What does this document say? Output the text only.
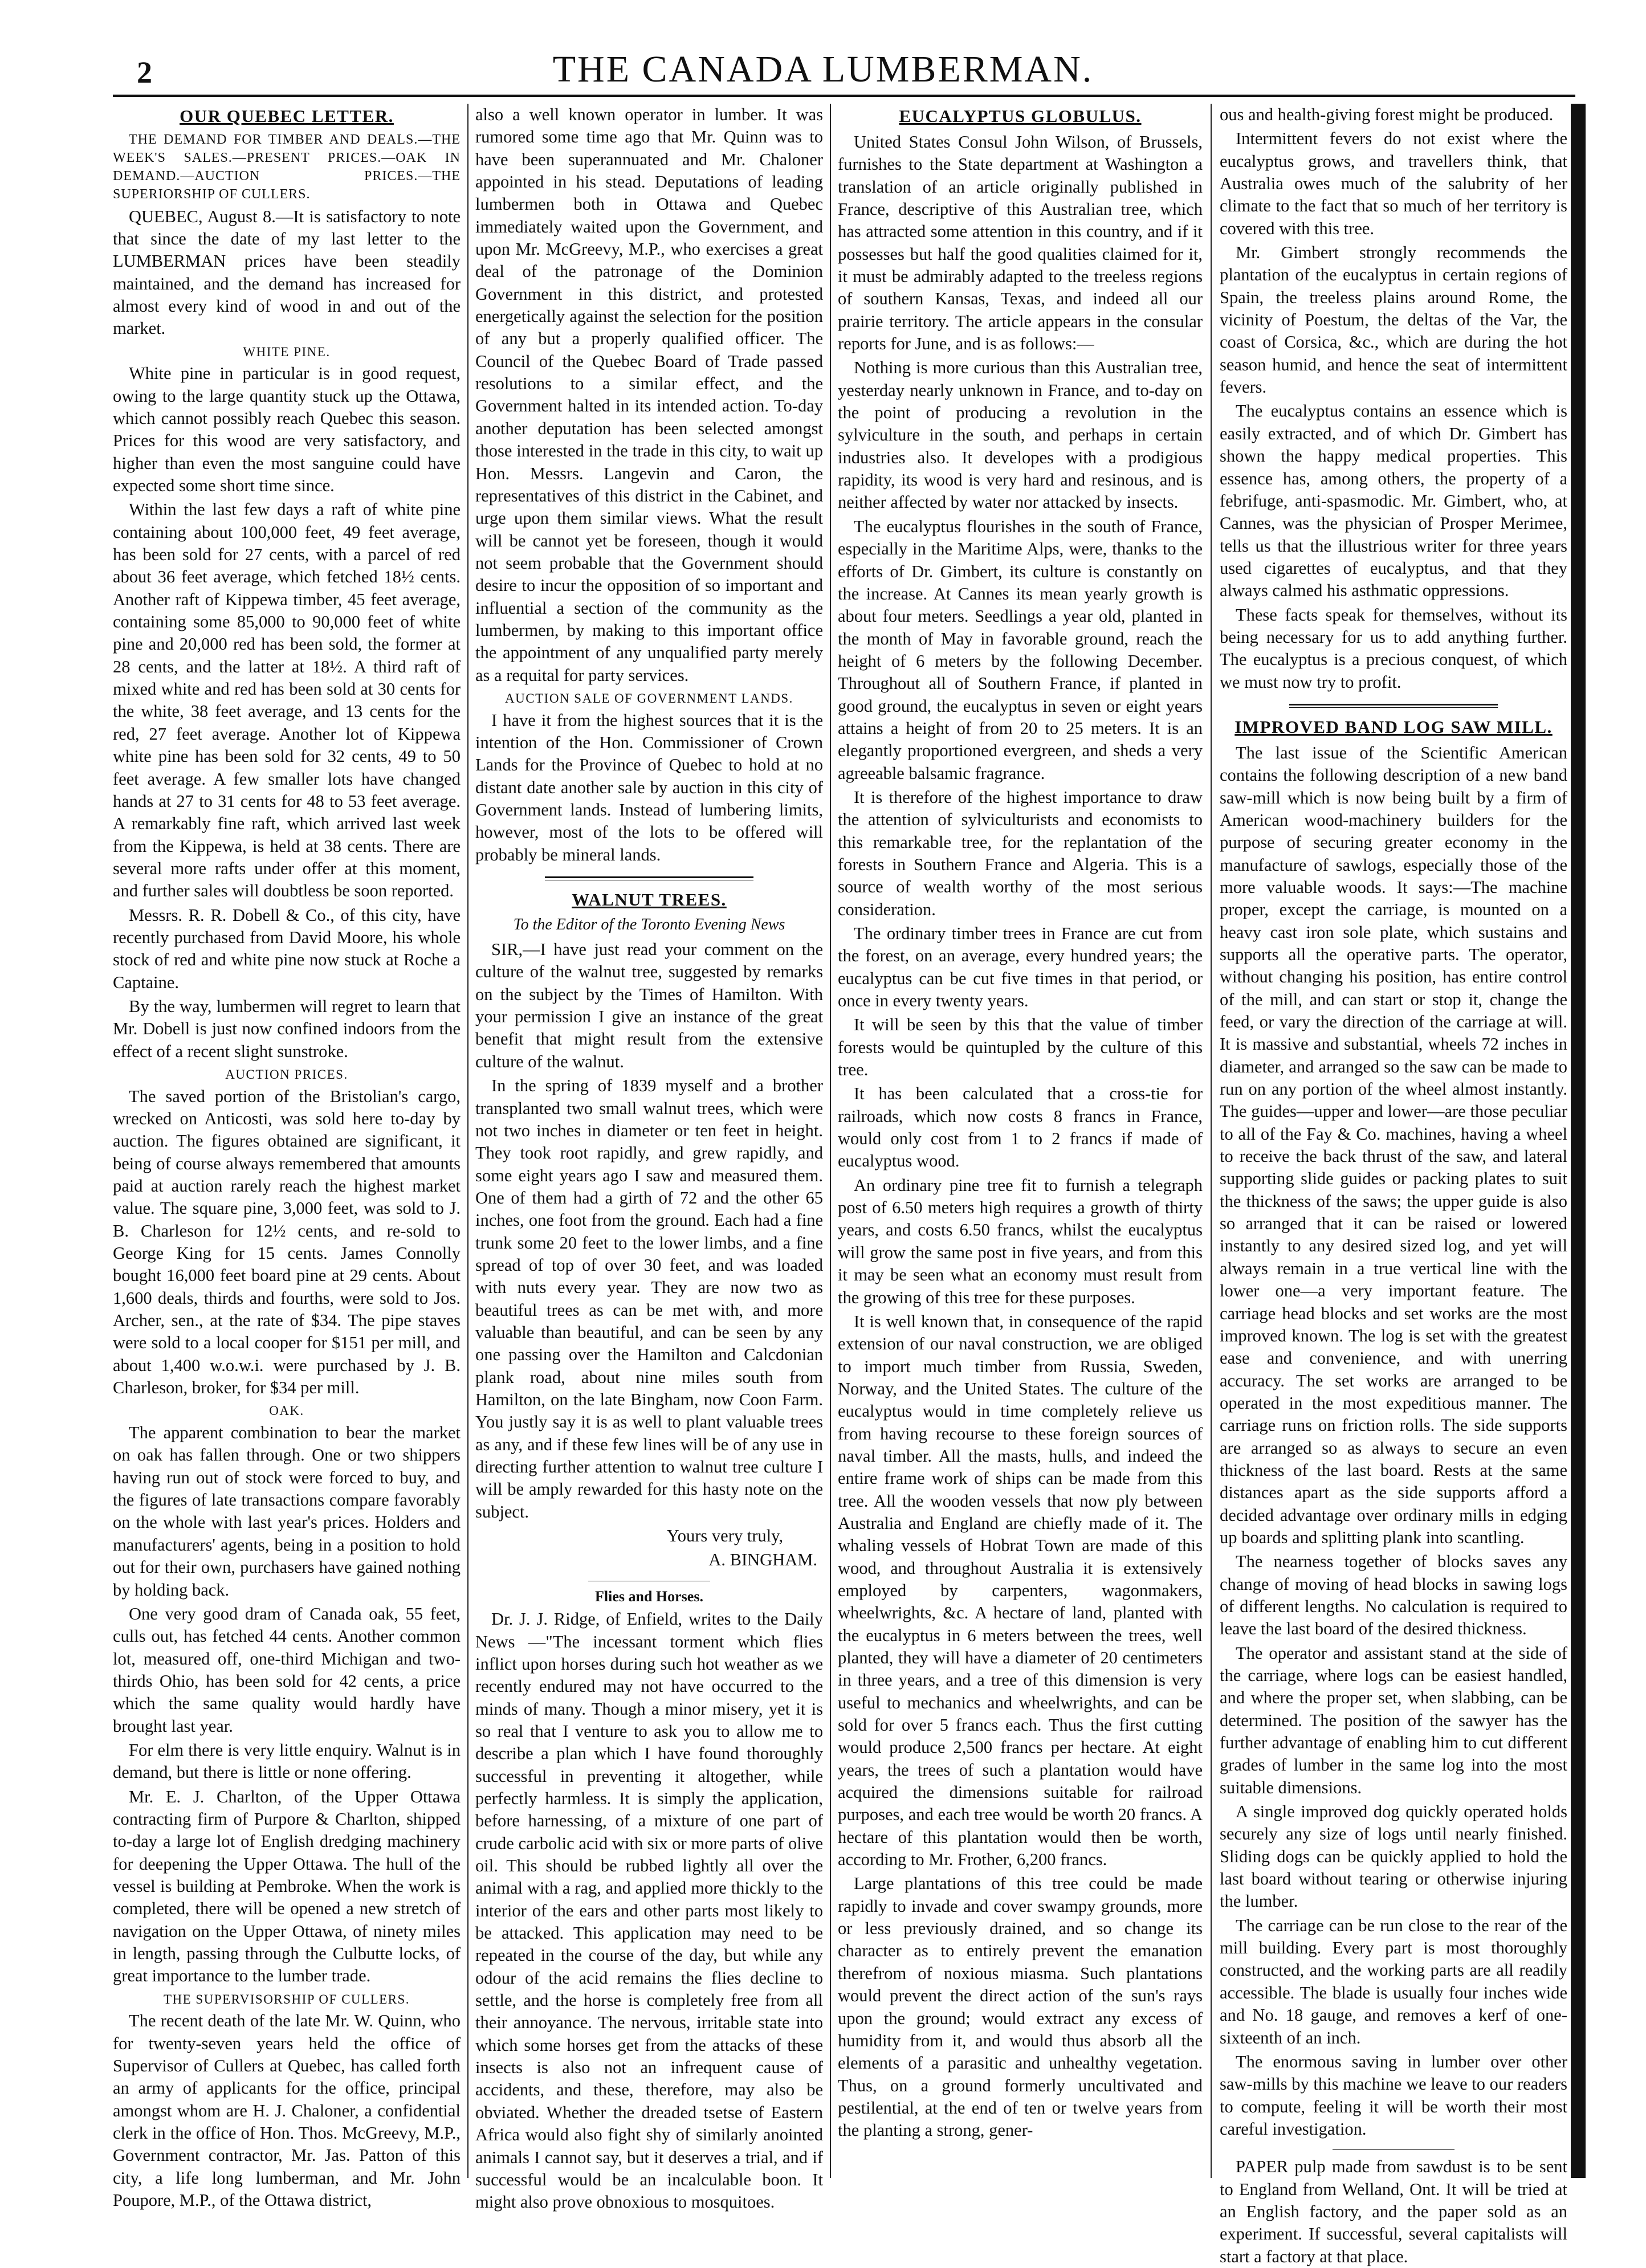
2	THE CANADA LUMBERMAN.
OUR QUEBEC LETTER.

THE DEMAND FOR TIMBER AND DEALS.—THE WEEK'S SALES.—PRESENT PRICES.—OAK IN DEMAND.—AUCTION PRICES.—THE SUPERIORSHIP OF CULLERS.

QUEBEC, August 8.—It is satisfactory to note that since the date of my last letter to the LUMBERMAN prices have been steadily maintained, and the demand has increased for almost every kind of wood in and out of the market.

WHITE PINE.

White pine in particular is in good request, owing to the large quantity stuck up the Ottawa, which cannot possibly reach Quebec this season. Prices for this wood are very satisfactory, and higher than even the most sanguine could have expected some short time since.

Within the last few days a raft of white pine containing about 100,000 feet, 49 feet average, has been sold for 27 cents, with a parcel of red about 36 feet average, which fetched 18½ cents. Another raft of Kippewa timber, 45 feet average, containing some 85,000 to 90,000 feet of white pine and 20,000 red has been sold, the former at 28 cents, and the latter at 18½. A third raft of mixed white and red has been sold at 30 cents for the white, 38 feet average, and 13 cents for the red, 27 feet average. Another lot of Kippewa white pine has been sold for 32 cents, 49 to 50 feet average. A few smaller lots have changed hands at 27 to 31 cents for 48 to 53 feet average. A remarkably fine raft, which arrived last week from the Kippewa, is held at 38 cents. There are several more rafts under offer at this moment, and further sales will doubtless be soon reported.

Messrs. R. R. Dobell & Co., of this city, have recently purchased from David Moore, his whole stock of red and white pine now stuck at Roche a Captaine.

By the way, lumbermen will regret to learn that Mr. Dobell is just now confined indoors from the effect of a recent slight sunstroke.

AUCTION PRICES.

The saved portion of the Bristolian's cargo, wrecked on Anticosti, was sold here to-day by auction. The figures obtained are significant, it being of course always remembered that amounts paid at auction rarely reach the highest market value. The square pine, 3,000 feet, was sold to J. B. Charleson for 12½ cents, and re-sold to George King for 15 cents. James Connolly bought 16,000 feet board pine at 29 cents. About 1,600 deals, thirds and fourths, were sold to Jos. Archer, sen., at the rate of $34. The pipe staves were sold to a local cooper for $151 per mill, and about 1,400 w.o.w.i. were purchased by J. B. Charleson, broker, for $34 per mill.

OAK.

The apparent combination to bear the market on oak has fallen through. One or two shippers having run out of stock were forced to buy, and the figures of late transactions compare favorably on the whole with last year's prices. Holders and manufacturers' agents, being in a position to hold out for their own, purchasers have gained nothing by holding back.

One very good dram of Canada oak, 55 feet, culls out, has fetched 44 cents. Another common lot, measured off, one-third Michigan and two-thirds Ohio, has been sold for 42 cents, a price which the same quality would hardly have brought last year.

For elm there is very little enquiry. Walnut is in demand, but there is little or none offering.

Mr. E. J. Charlton, of the Upper Ottawa contracting firm of Purpore & Charlton, shipped to-day a large lot of English dredging machinery for deepening the Upper Ottawa. The hull of the vessel is building at Pembroke. When the work is completed, there will be opened a new stretch of navigation on the Upper Ottawa, of ninety miles in length, passing through the Culbutte locks, of great importance to the lumber trade.

THE SUPERVISORSHIP OF CULLERS.

The recent death of the late Mr. W. Quinn, who for twenty-seven years held the office of Supervisor of Cullers at Quebec, has called forth an army of applicants for the office, principal amongst whom are H. J. Chaloner, a confidential clerk in the office of Hon. Thos. McGreevy, M.P., Government contractor, Mr. Jas. Patton of this city, a life long lumberman, and Mr. John Poupore, M.P., of the Ottawa district,

also a well known operator in lumber. It was rumored some time ago that Mr. Quinn was to have been superannuated and Mr. Chaloner appointed in his stead. Deputations of leading lumbermen both in Ottawa and Quebec immediately waited upon the Government, and upon Mr. McGreevy, M.P., who exercises a great deal of the patronage of the Dominion Government in this district, and protested energetically against the selection for the position of any but a properly qualified officer. The Council of the Quebec Board of Trade passed resolutions to a similar effect, and the Government halted in its intended action. To-day another deputation has been selected amongst those interested in the trade in this city, to wait up Hon. Messrs. Langevin and Caron, the representatives of this district in the Cabinet, and urge upon them similar views. What the result will be cannot yet be foreseen, though it would not seem probable that the Government should desire to incur the opposition of so important and influential a section of the community as the lumbermen, by making to this important office the appointment of any unqualified party merely as a requital for party services.

AUCTION SALE OF GOVERNMENT LANDS.

I have it from the highest sources that it is the intention of the Hon. Commissioner of Crown Lands for the Province of Quebec to hold at no distant date another sale by auction in this city of Government lands. Instead of lumbering limits, however, most of the lots to be offered will probably be mineral lands.

WALNUT TREES.
To the Editor of the Toronto Evening News

SIR,—I have just read your comment on the culture of the walnut tree, suggested by remarks on the subject by the Times of Hamilton. With your permission I give an instance of the great benefit that might result from the extensive culture of the walnut.

In the spring of 1839 myself and a brother transplanted two small walnut trees, which were not two inches in diameter or ten feet in height. They took root rapidly, and grew rapidly, and some eight years ago I saw and measured them. One of them had a girth of 72 and the other 65 inches, one foot from the ground. Each had a fine trunk some 20 feet to the lower limbs, and a fine spread of top of over 30 feet, and was loaded with nuts every year. They are now two as beautiful trees as can be met with, and more valuable than beautiful, and can be seen by any one passing over the Hamilton and Calcdonian plank road, about nine miles south from Hamilton, on the late Bingham, now Coon Farm. You justly say it is as well to plant valuable trees as any, and if these few lines will be of any use in directing further attention to walnut tree culture I will be amply rewarded for this hasty note on the subject.

Yours very truly,

A. BINGHAM.

Flies and Horses.

Dr. J. J. Ridge, of Enfield, writes to the Daily News —"The incessant torment which flies inflict upon horses during such hot weather as we recently endured may not have occurred to the minds of many. Though a minor misery, yet it is so real that I venture to ask you to allow me to describe a plan which I have found thoroughly successful in preventing it altogether, while perfectly harmless. It is simply the application, before harnessing, of a mixture of one part of crude carbolic acid with six or more parts of olive oil. This should be rubbed lightly all over the animal with a rag, and applied more thickly to the interior of the ears and other parts most likely to be attacked. This application may need to be repeated in the course of the day, but while any odour of the acid remains the flies decline to settle, and the horse is completely free from all their annoyance. The nervous, irritable state into which some horses get from the attacks of these insects is also not an infrequent cause of accidents, and these, therefore, may also be obviated. Whether the dreaded tsetse of Eastern Africa would also fight shy of similarly anointed animals I cannot say, but it deserves a trial, and if successful would be an incalculable boon. It might also prove obnoxious to mosquitoes.

EUCALYPTUS GLOBULUS.

United States Consul John Wilson, of Brussels, furnishes to the State department at Washington a translation of an article originally published in France, descriptive of this Australian tree, which has attracted some attention in this country, and if it possesses but half the good qualities claimed for it, it must be admirably adapted to the treeless regions of southern Kansas, Texas, and indeed all our prairie territory. The article appears in the consular reports for June, and is as follows:—

Nothing is more curious than this Australian tree, yesterday nearly unknown in France, and to-day on the point of producing a revolution in the sylviculture in the south, and perhaps in certain industries also. It developes with a prodigious rapidity, its wood is very hard and resinous, and is neither affected by water nor attacked by insects.

The eucalyptus flourishes in the south of France, especially in the Maritime Alps, were, thanks to the efforts of Dr. Gimbert, its culture is constantly on the increase. At Cannes its mean yearly growth is about four meters. Seedlings a year old, planted in the month of May in favorable ground, reach the height of 6 meters by the following December. Throughout all of Southern France, if planted in good ground, the eucalyptus in seven or eight years attains a height of from 20 to 25 meters. It is an elegantly proportioned evergreen, and sheds a very agreeable balsamic fragrance.

It is therefore of the highest importance to draw the attention of sylviculturists and economists to this remarkable tree, for the replantation of the forests in Southern France and Algeria. This is a source of wealth worthy of the most serious consideration.

The ordinary timber trees in France are cut from the forest, on an average, every hundred years; the eucalyptus can be cut five times in that period, or once in every twenty years.

It will be seen by this that the value of timber forests would be quintupled by the culture of this tree.

It has been calculated that a cross-tie for railroads, which now costs 8 francs in France, would only cost from 1 to 2 francs if made of eucalyptus wood.

An ordinary pine tree fit to furnish a telegraph post of 6.50 meters high requires a growth of thirty years, and costs 6.50 francs, whilst the eucalyptus will grow the same post in five years, and from this it may be seen what an economy must result from the growing of this tree for these purposes.

It is well known that, in consequence of the rapid extension of our naval construction, we are obliged to import much timber from Russia, Sweden, Norway, and the United States. The culture of the eucalyptus would in time completely relieve us from having recourse to these foreign sources of naval timber. All the masts, hulls, and indeed the entire frame work of ships can be made from this tree. All the wooden vessels that now ply between Australia and England are chiefly made of it. The whaling vessels of Hobrat Town are made of this wood, and throughout Australia it is extensively employed by carpenters, wagonmakers, wheelwrights, &c. A hectare of land, planted with the eucalyptus in 6 meters between the trees, well planted, they will have a diameter of 20 centimeters in three years, and a tree of this dimension is very useful to mechanics and wheelwrights, and can be sold for over 5 francs each. Thus the first cutting would produce 2,500 francs per hectare. At eight years, the trees of such a plantation would have acquired the dimensions suitable for railroad purposes, and each tree would be worth 20 francs. A hectare of this plantation would then be worth, according to Mr. Frother, 6,200 francs.

Large plantations of this tree could be made rapidly to invade and cover swampy grounds, more or less previously drained, and so change its character as to entirely prevent the emanation therefrom of noxious miasma. Such plantations would prevent the direct action of the sun's rays upon the ground; would extract any excess of humidity from it, and would thus absorb all the elements of a parasitic and unhealthy vegetation. Thus, on a ground formerly uncultivated and pestilential, at the end of ten or twelve years from the planting a strong, gener-

ous and health-giving forest might be produced.

Intermittent fevers do not exist where the eucalyptus grows, and travellers think, that Australia owes much of the salubrity of her climate to the fact that so much of her territory is covered with this tree.

Mr. Gimbert strongly recommends the plantation of the eucalyptus in certain regions of Spain, the treeless plains around Rome, the vicinity of Poestum, the deltas of the Var, the coast of Corsica, &c., which are during the hot season humid, and hence the seat of intermittent fevers.

The eucalyptus contains an essence which is easily extracted, and of which Dr. Gimbert has shown the happy medical properties. This essence has, among others, the property of a febrifuge, anti-spasmodic. Mr. Gimbert, who, at Cannes, was the physician of Prosper Merimee, tells us that the illustrious writer for three years used cigarettes of eucalyptus, and that they always calmed his asthmatic oppressions.

These facts speak for themselves, without its being necessary for us to add anything further. The eucalyptus is a precious conquest, of which we must now try to profit.

IMPROVED BAND LOG SAW MILL.

The last issue of the Scientific American contains the following description of a new band saw-mill which is now being built by a firm of American wood-machinery builders for the purpose of securing greater economy in the manufacture of sawlogs, especially those of the more valuable woods. It says:—The machine proper, except the carriage, is mounted on a heavy cast iron sole plate, which sustains and supports all the operative parts. The operator, without changing his position, has entire control of the mill, and can start or stop it, change the feed, or vary the direction of the carriage at will. It is massive and substantial, wheels 72 inches in diameter, and arranged so the saw can be made to run on any portion of the wheel almost instantly. The guides—upper and lower—are those peculiar to all of the Fay & Co. machines, having a wheel to receive the back thrust of the saw, and lateral supporting slide guides or packing plates to suit the thickness of the saws; the upper guide is also so arranged that it can be raised or lowered instantly to any desired sized log, and yet will always remain in a true vertical line with the lower one—a very important feature. The carriage head blocks and set works are the most improved known. The log is set with the greatest ease and convenience, and with unerring accuracy. The set works are arranged to be operated in the most expeditious manner. The carriage runs on friction rolls. The side supports are arranged so as always to secure an even thickness of the last board. Rests at the same distances apart as the side supports afford a decided advantage over ordinary mills in edging up boards and splitting plank into scantling.

The nearness together of blocks saves any change of moving of head blocks in sawing logs of different lengths. No calculation is required to leave the last board of the desired thickness.

The operator and assistant stand at the side of the carriage, where logs can be easiest handled, and where the proper set, when slabbing, can be determined. The position of the sawyer has the further advantage of enabling him to cut different grades of lumber in the same log into the most suitable dimensions.

A single improved dog quickly operated holds securely any size of logs until nearly finished. Sliding dogs can be quickly applied to hold the last board without tearing or otherwise injuring the lumber.

The carriage can be run close to the rear of the mill building. Every part is most thoroughly constructed, and the working parts are all readily accessible. The blade is usually four inches wide and No. 18 gauge, and removes a kerf of one-sixteenth of an inch.

The enormous saving in lumber over other saw-mills by this machine we leave to our readers to compute, feeling it will be worth their most careful investigation.

PAPER pulp made from sawdust is to be sent to England from Welland, Ont. It will be tried at an English factory, and the paper sold as an experiment. If successful, several capitalists will start a factory at that place.
